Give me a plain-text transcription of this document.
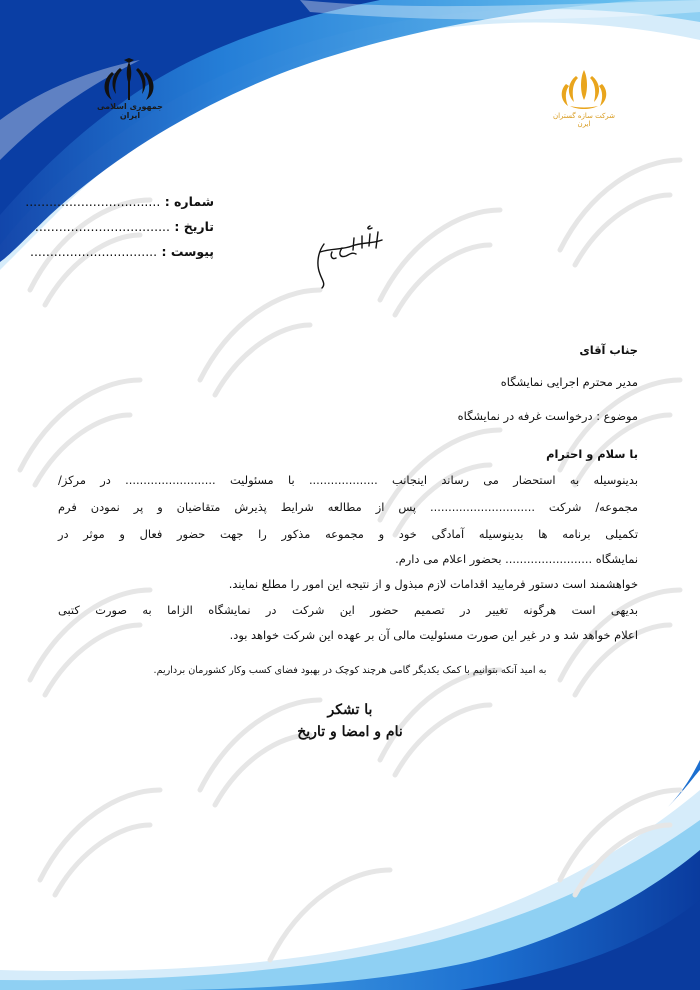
جمهوری اسلامی ایران	شرکت سازه گستران ایرن
شماره : ..................................
تاریخ : ..................................
پیوست : ................................
جناب آقای
مدیر محترم اجرایی نمایشگاه
موضوع : درخواست غرفه در نمایشگاه
با سلام و احترام
بدینوسیله به استحضار می رساند اینجانب ................... با مسئولیت ......................... در مرکز/
مجموعه/ شرکت ............................. پس از مطالعه شرایط پذیرش متقاضیان و پر نمودن فرم
تکمیلی برنامه ها بدینوسیله آمادگی خود و مجموعه مذکور را جهت حضور فعال و موثر در
نمایشگاه ........................ بحضور اعلام می دارم.
خواهشمند است دستور فرمایید اقدامات لازم مبذول و از نتیجه این امور را مطلع نمایند.
بدیهی است هرگونه تغییر در تصمیم حضور این شرکت در نمایشگاه الزاما به صورت کتبی
اعلام خواهد شد و در غیر این صورت مسئولیت مالی آن بر عهده این شرکت خواهد بود.
به امید آنکه بتوانیم با کمک یکدیگر گامی هرچند کوچک در بهبود فضای کسب وکار کشورمان برداریم.
با تشکر
نام و امضا و تاریخ
